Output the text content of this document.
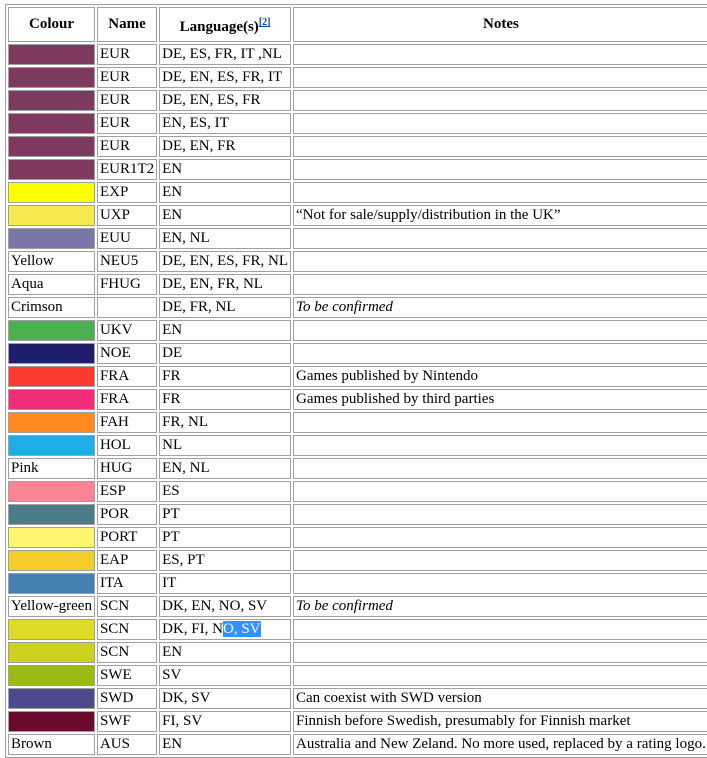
Colour	Name	Language(s)[2]	Notes
	EUR	DE, ES, FR, IT ,NL	
	EUR	DE, EN, ES, FR, IT	
	EUR	DE, EN, ES, FR	
	EUR	EN, ES, IT	
	EUR	DE, EN, FR	
	EUR1T2	EN	
	EXP	EN	
	UXP	EN	“Not for sale/supply/distribution in the UK”
	EUU	EN, NL	
Yellow	NEU5	DE, EN, ES, FR, NL	
Aqua	FHUG	DE, EN, FR, NL	
Crimson		DE, FR, NL	To be confirmed
	UKV	EN	
	NOE	DE	
	FRA	FR	Games published by Nintendo
	FRA	FR	Games published by third parties
	FAH	FR, NL	
	HOL	NL	
Pink	HUG	EN, NL	
	ESP	ES	
	POR	PT	
	PORT	PT	
	EAP	ES, PT	
	ITA	IT	
Yellow-green	SCN	DK, EN, NO, SV	To be confirmed
	SCN	DK, FI, NO, SV	
	SCN	EN	
	SWE	SV	
	SWD	DK, SV	Can coexist with SWD version
	SWF	FI, SV	Finnish before Swedish, presumably for Finnish market
Brown	AUS	EN	Australia and New Zeland. No more used, replaced by a rating logo.
